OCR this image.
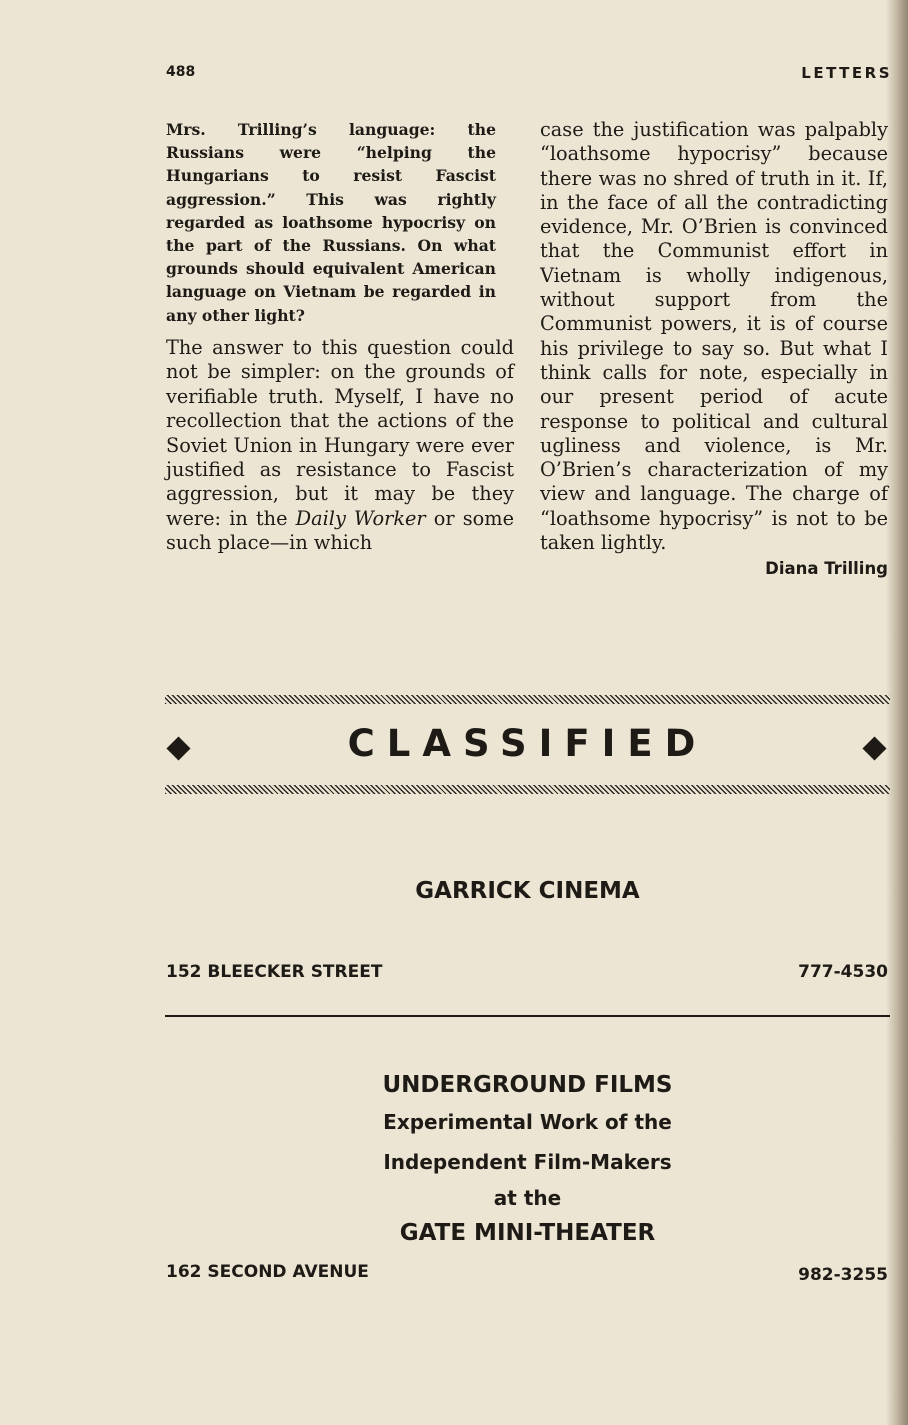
488	LETTERS

Mrs. Trilling’s language: the Russians were “helping the Hungarians to resist Fascist aggression.” This was rightly regarded as loathsome hypocrisy on the part of the Russians. On what grounds should equivalent American language on Vietnam be regarded in any other light?

The answer to this question could not be simpler: on the grounds of verifiable truth. Myself, I have no recollection that the actions of the Soviet Union in Hungary were ever justified as resistance to Fascist aggression, but it may be they were: in the Daily Worker or some such place—in which

case the justification was palpably “loathsome hypocrisy” because there was no shred of truth in it. If, in the face of all the contradicting evidence, Mr. O’Brien is convinced that the Communist effort in Vietnam is wholly indigenous, without support from the Communist powers, it is of course his privilege to say so. But what I think calls for note, especially in our present period of acute response to political and cultural ugliness and violence, is Mr. O’Brien’s characterization of my view and language. The charge of “loathsome hypocrisy” is not to be taken lightly.

Diana Trilling
CLASSIFIED
GARRICK CINEMA
152 BLEECKER STREET	777-4530
UNDERGROUND FILMS
Experimental Work of the
Independent Film-Makers
at the
GATE MINI-THEATER
162 SECOND AVENUE	982-3255
